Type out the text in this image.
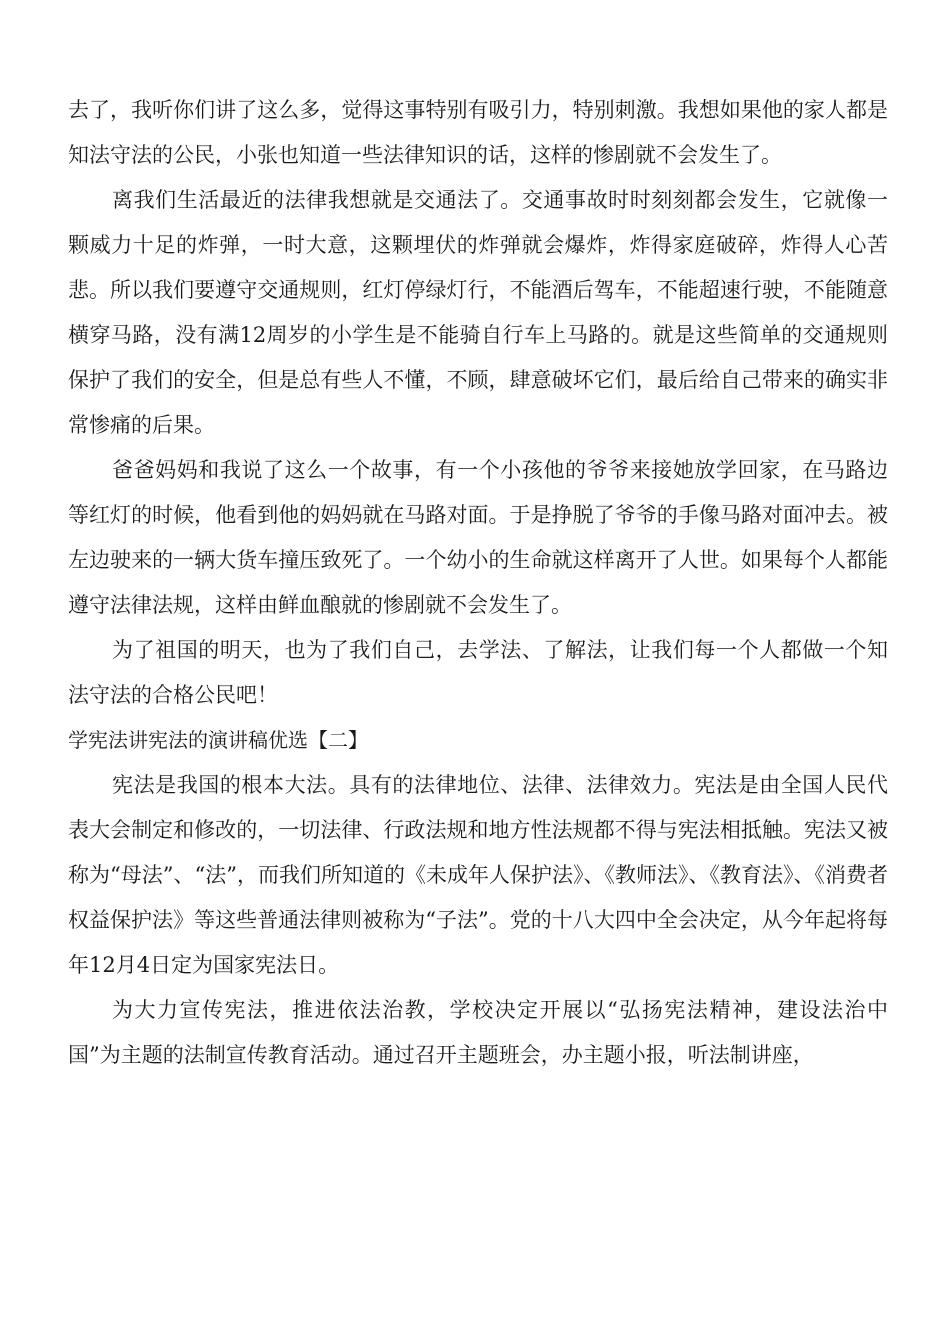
去了，我听你们讲了这么多，觉得这事特别有吸引力，特别刺激。我想如果他的家人都是知法守法的公民，小张也知道一些法律知识的话，这样的惨剧就不会发生了。

离我们生活最近的法律我想就是交通法了。交通事故时时刻刻都会发生，它就像一颗威力十足的炸弹，一时大意，这颗埋伏的炸弹就会爆炸，炸得家庭破碎，炸得人心苦悲。所以我们要遵守交通规则，红灯停绿灯行，不能酒后驾车，不能超速行驶，不能随意横穿马路，没有满12周岁的小学生是不能骑自行车上马路的。就是这些简单的交通规则保护了我们的安全，但是总有些人不懂，不顾，肆意破坏它们，最后给自己带来的确实非常惨痛的后果。

爸爸妈妈和我说了这么一个故事，有一个小孩他的爷爷来接她放学回家，在马路边等红灯的时候，他看到他的妈妈就在马路对面。于是挣脱了爷爷的手像马路对面冲去。被左边驶来的一辆大货车撞压致死了。一个幼小的生命就这样离开了人世。如果每个人都能遵守法律法规，这样由鲜血酿就的惨剧就不会发生了。

为了祖国的明天，也为了我们自己，去学法、了解法，让我们每一个人都做一个知法守法的合格公民吧！

学宪法讲宪法的演讲稿优选【二】

宪法是我国的根本大法。具有的法律地位、法律、法律效力。宪法是由全国人民代表大会制定和修改的，一切法律、行政法规和地方性法规都不得与宪法相抵触。宪法又被称为“母法”、“法”，而我们所知道的《未成年人保护法》、《教师法》、《教育法》、《消费者权益保护法》等这些普通法律则被称为“子法”。党的十八大四中全会决定，从今年起将每年12月4日定为国家宪法日。

为大力宣传宪法，推进依法治教，学校决定开展以“弘扬宪法精神，建设法治中国”为主题的法制宣传教育活动。通过召开主题班会，办主题小报，听法制讲座，
